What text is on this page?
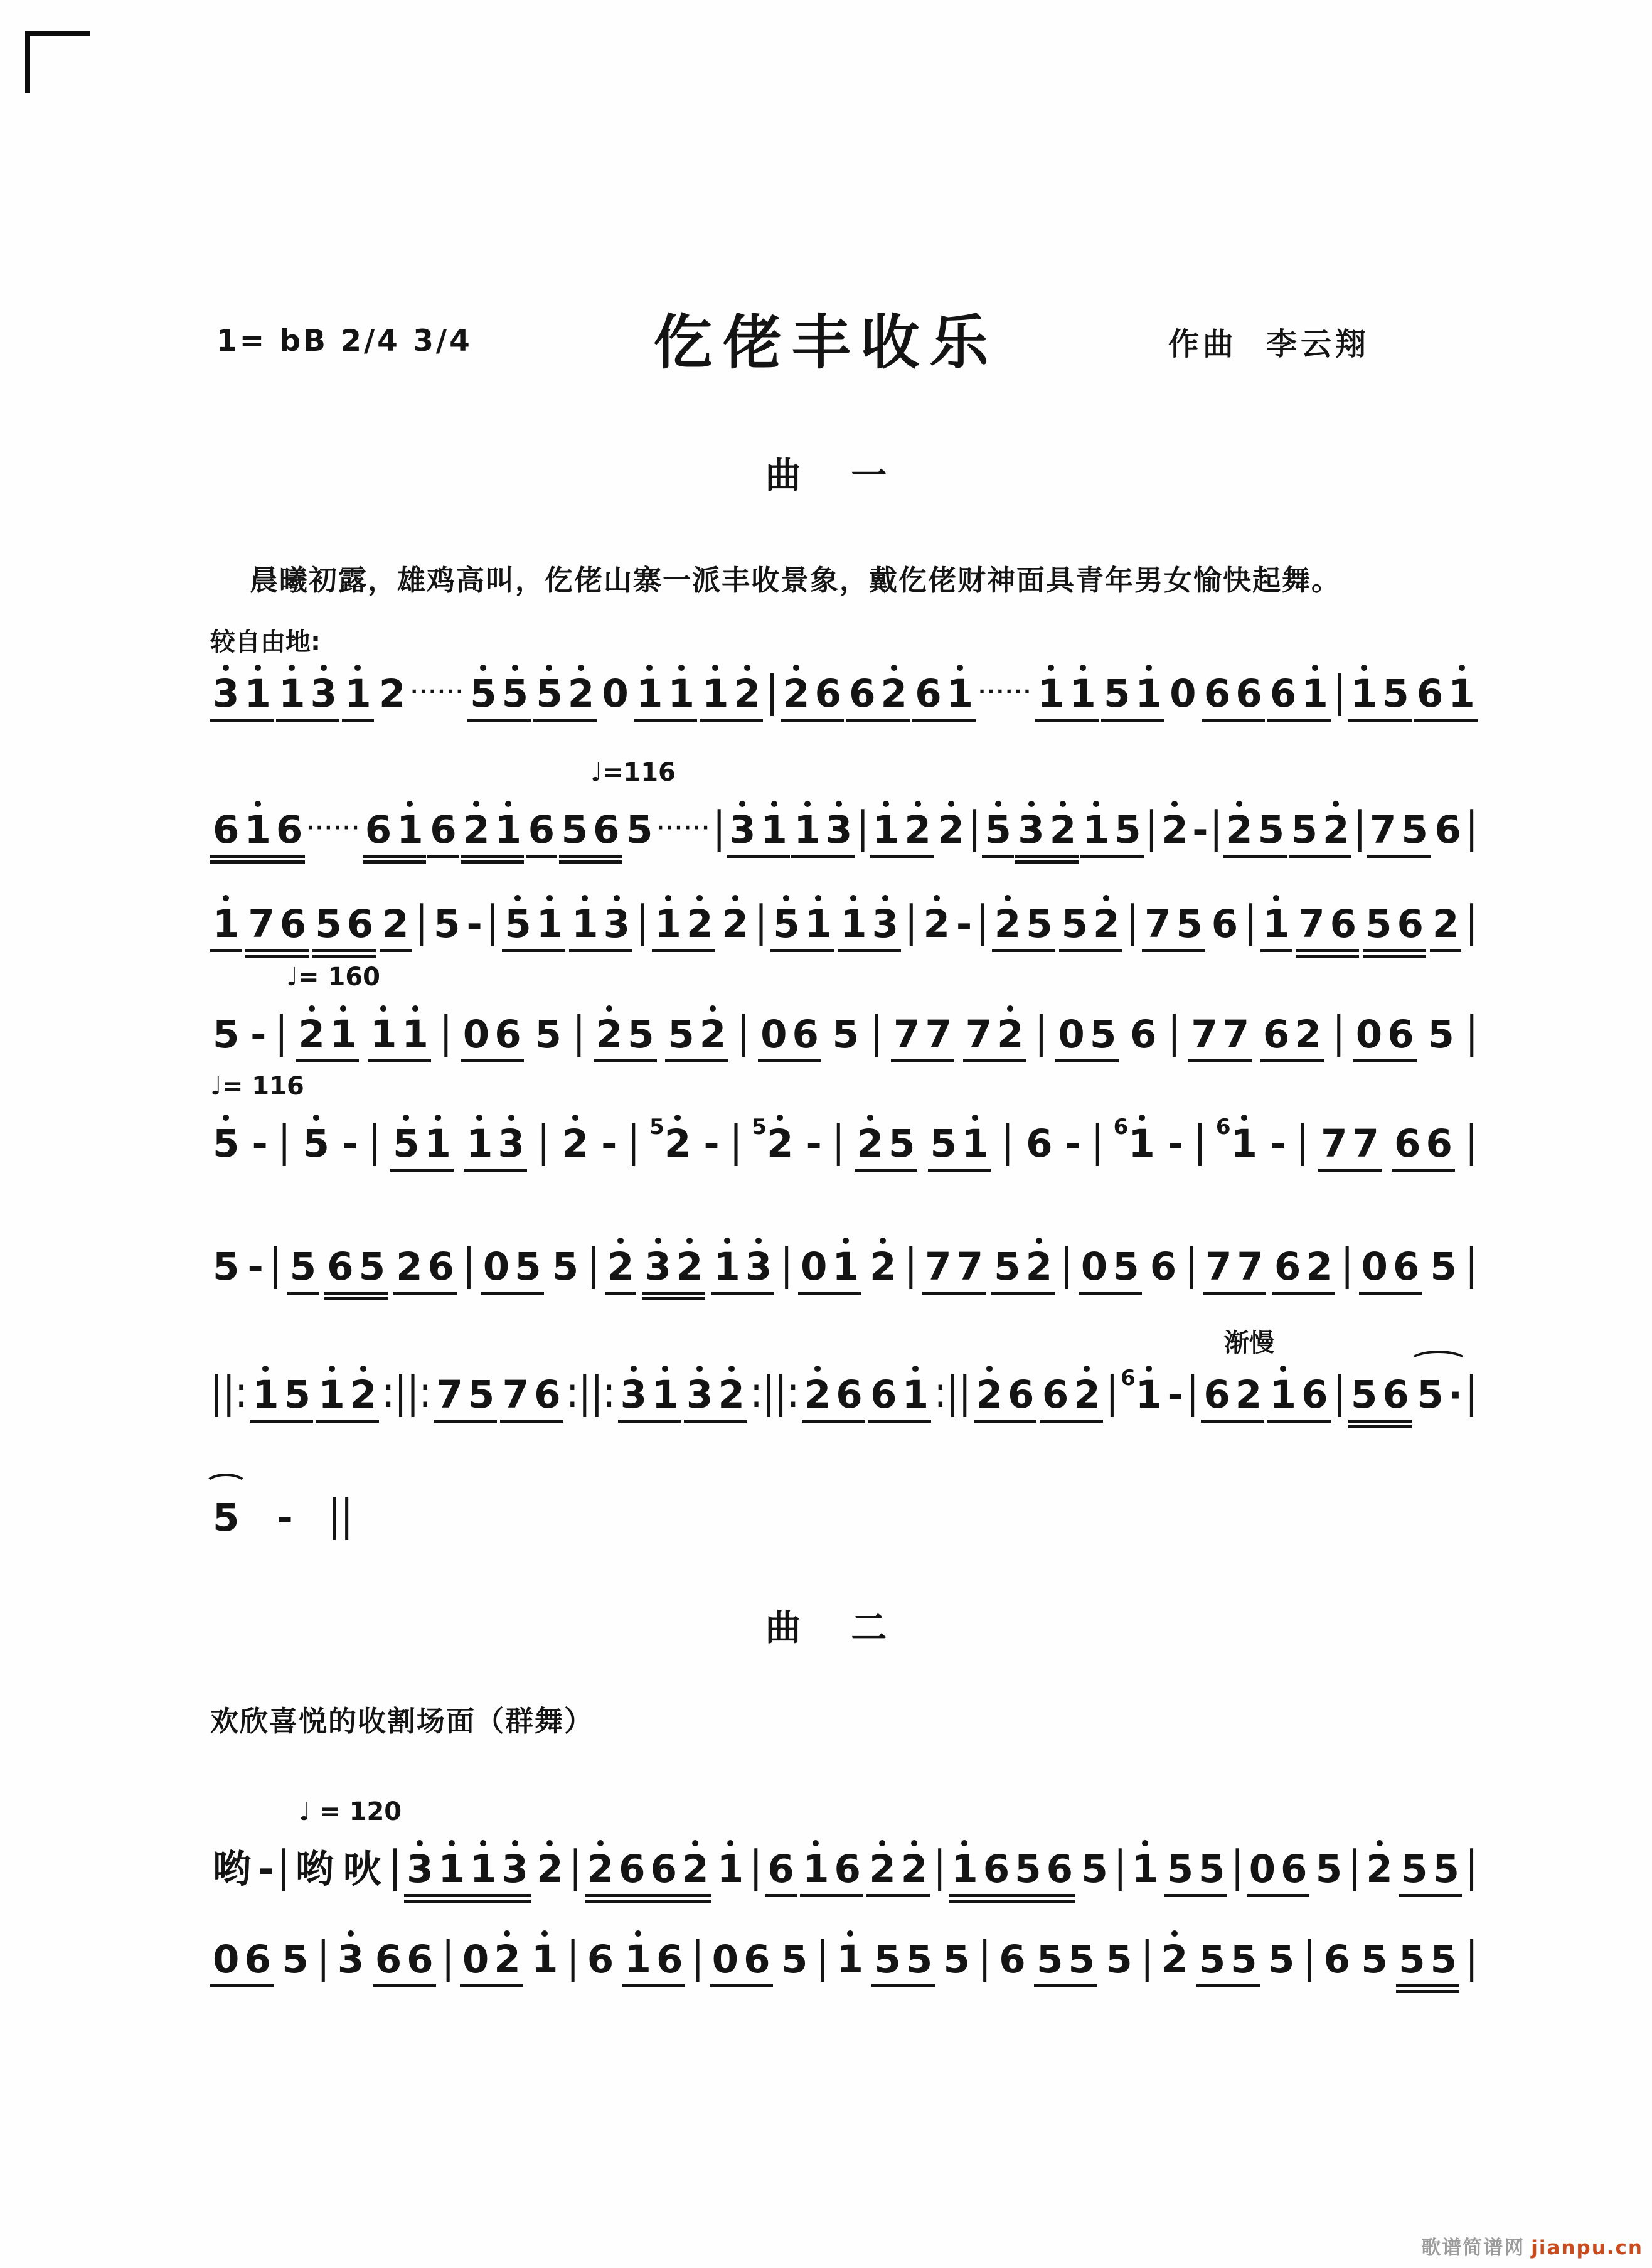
仡佬丰收乐
1= bB 2/4 3/4	作曲 李云翔
曲 一
晨曦初露，雄鸡高叫，仡佬山寨一派丰收景象，戴仡佬财神面具青年男女愉快起舞。
较自由地:
3 1 1 3 1 2 ······ 5 5 5 2 0 1 1 1 2 | 2 6 6 2 6 1 ······ 1 1 5 1 0 6 6 6 1 | 1 5 6 1
♩=116
6 1 6 ······ 6 1 6 2 1 6 5 6 5 ······ | 3 1 1 3 | 1 2 2 | 5 3 2 1 5 | 2 - | 2 5 5 2 | 7 5 6 |
1 7 6 5 6 2 | 5 - | 5 1 1 3 | 1 2 2 | 5 1 1 3 | 2 - | 2 5 5 2 | 7 5 6 | 1 7 6 5 6 2 |
♩= 160
5 - | 2 1 1 1 | 0 6 5 | 2 5 5 2 | 0 6 5 | 7 7 7 2 | 0 5 6 | 7 7 6 2 | 0 6 5 |
♩= 116
5 - | 5 - | 5 1 1 3 | 2 - | $^5$2 - | $^5$2 - | 2 5 5 1 | 6 - | $^6$1 - | $^6$1 - | 7 7 6 6 |
5 - | 5 6 5 2 6 | 0 5 5 | 2 3 2 1 3 | 0 1 2 | 7 7 5 2 | 0 5 6 | 7 7 6 2 | 0 6 5 |
渐慢
||: 1 5 1 2 :||: 7 5 7 6 :||: 3 1 3 2 :||: 2 6 6 1 :|| 2 6 6 2 | $^6$1 - | 6 2 1 6 | 5 6 5 · |
5 - ||
曲 二
欢欣喜悦的收割场面（群舞）
♩ = 120
哟 - | 哟 吙 | 3 1 1 3 2 | 2 6 6 2 1 | 6 1 6 2 2 | 1 6 5 6 5 | 1 5 5 | 0 6 5 | 2 5 5 |
0 6 5 | 3 6 6 | 0 2 1 | 6 1 6 | 0 6 5 | 1 5 5 5 | 6 5 5 5 | 2 5 5 5 | 6 5 5 5 |
歌谱简谱网 jianpu.cn
